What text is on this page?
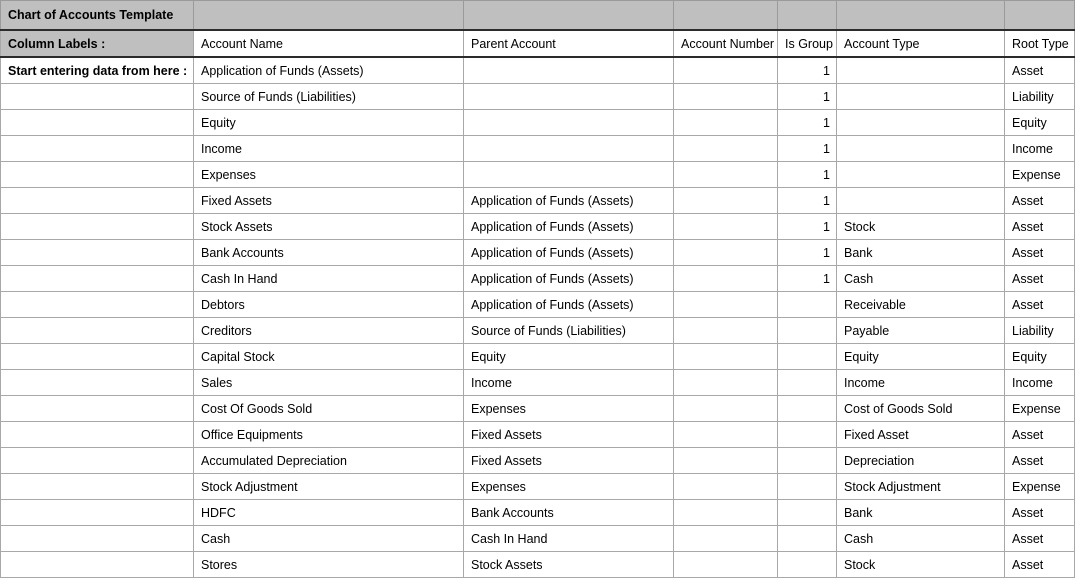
Chart of Accounts Template						
Column Labels :	Account Name	Parent Account	Account Number	Is Group	Account Type	Root Type
Start entering data from here :	Application of Funds (Assets)			1		Asset
	Source of Funds (Liabilities)			1		Liability
	Equity			1		Equity
	Income			1		Income
	Expenses			1		Expense
	Fixed Assets	Application of Funds (Assets)		1		Asset
	Stock Assets	Application of Funds (Assets)		1	Stock	Asset
	Bank Accounts	Application of Funds (Assets)		1	Bank	Asset
	Cash In Hand	Application of Funds (Assets)		1	Cash	Asset
	Debtors	Application of Funds (Assets)			Receivable	Asset
	Creditors	Source of Funds (Liabilities)			Payable	Liability
	Capital Stock	Equity			Equity	Equity
	Sales	Income			Income	Income
	Cost Of Goods Sold	Expenses			Cost of Goods Sold	Expense
	Office Equipments	Fixed Assets			Fixed Asset	Asset
	Accumulated Depreciation	Fixed Assets			Depreciation	Asset
	Stock Adjustment	Expenses			Stock Adjustment	Expense
	HDFC	Bank Accounts			Bank	Asset
	Cash	Cash In Hand			Cash	Asset
	Stores	Stock Assets			Stock	Asset
